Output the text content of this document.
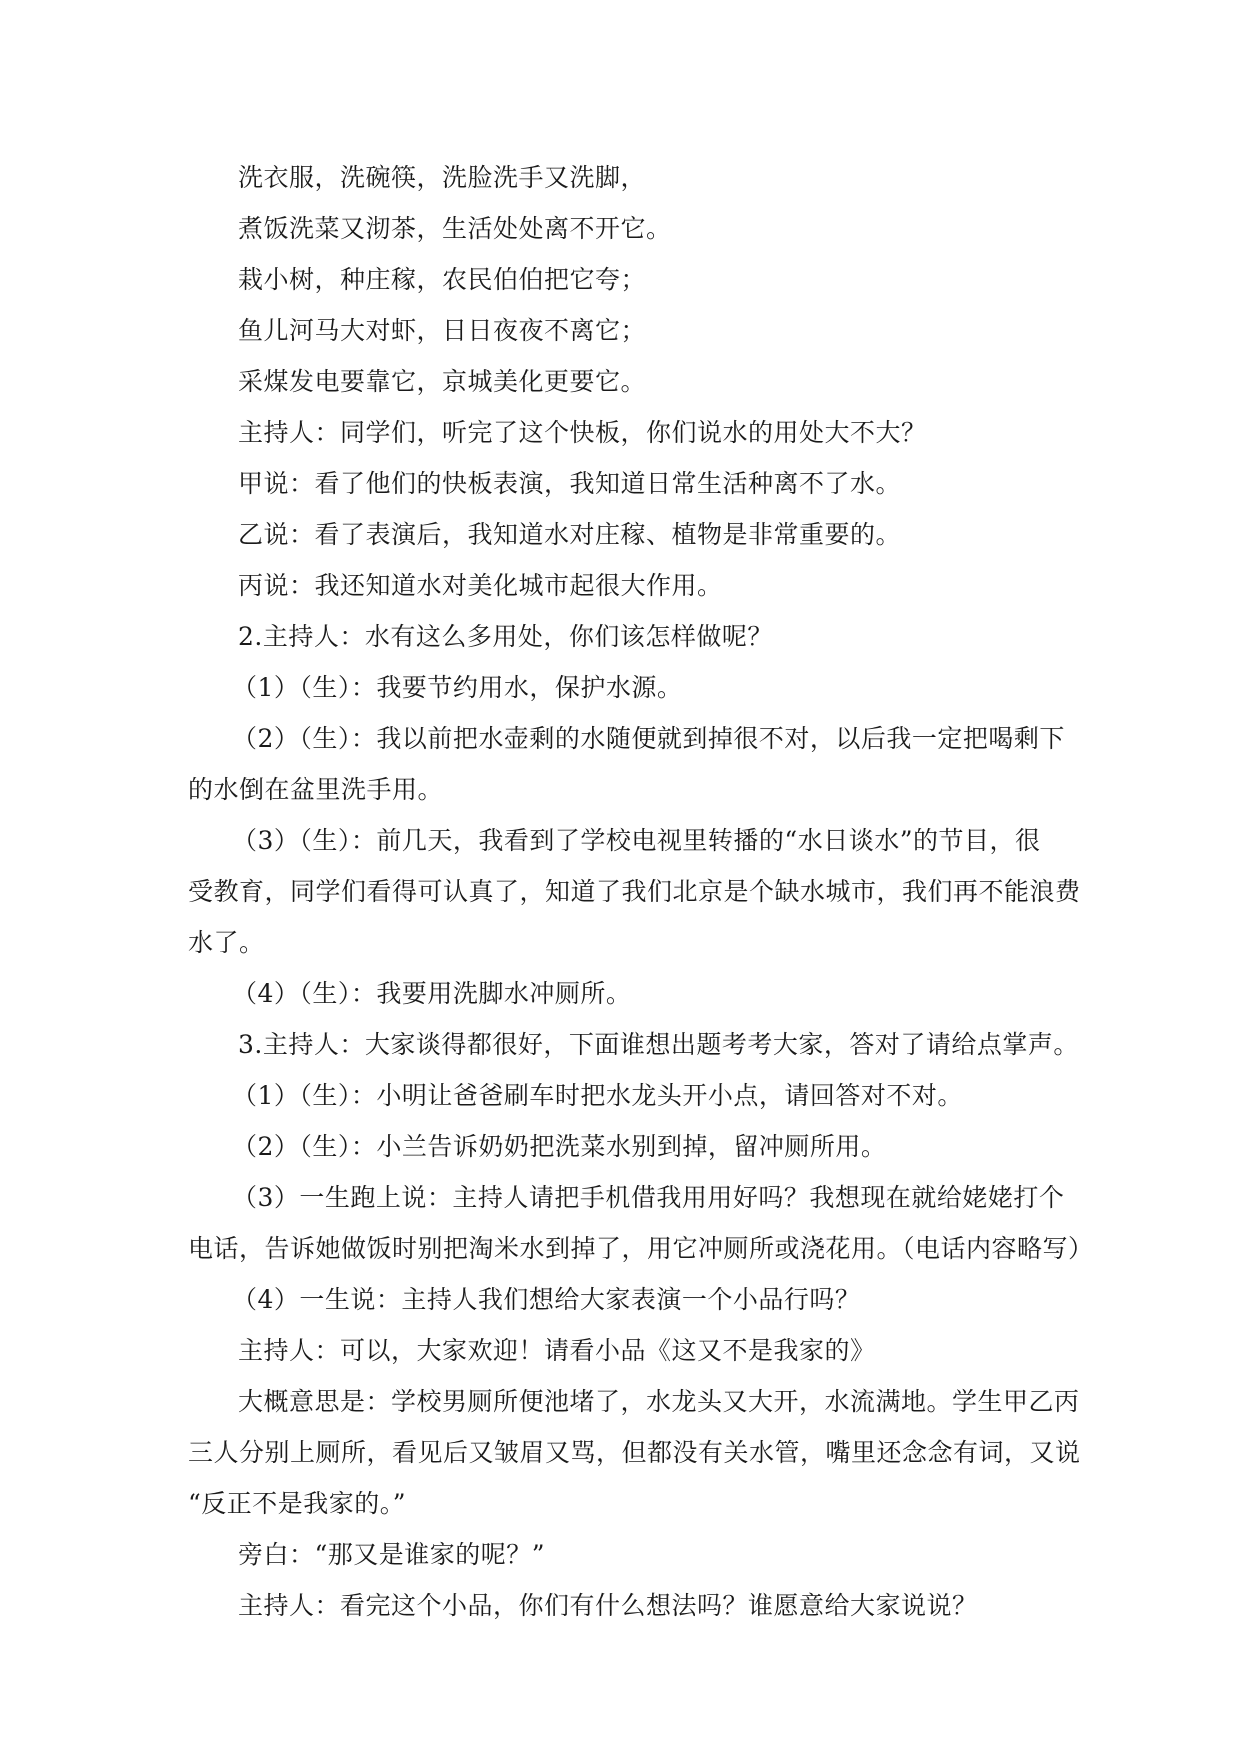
洗衣服，洗碗筷，洗脸洗手又洗脚，
煮饭洗菜又沏茶，生活处处离不开它。
栽小树，种庄稼，农民伯伯把它夸；
鱼儿河马大对虾，日日夜夜不离它；
采煤发电要靠它，京城美化更要它。
主持人：同学们，听完了这个快板，你们说水的用处大不大？
甲说：看了他们的快板表演，我知道日常生活种离不了水。
乙说：看了表演后，我知道水对庄稼、植物是非常重要的。
丙说：我还知道水对美化城市起很大作用。
2.主持人：水有这么多用处，你们该怎样做呢？
（1）（生）：我要节约用水，保护水源。
（2）（生）：我以前把水壶剩的水随便就到掉很不对，以后我一定把喝剩下
的水倒在盆里洗手用。
（3）（生）：前几天，我看到了学校电视里转播的“水日谈水”的节目，很
受教育，同学们看得可认真了，知道了我们北京是个缺水城市，我们再不能浪费
水了。
（4）（生）：我要用洗脚水冲厕所。
3.主持人：大家谈得都很好，下面谁想出题考考大家，答对了请给点掌声。
（1）（生）：小明让爸爸刷车时把水龙头开小点，请回答对不对。
（2）（生）：小兰告诉奶奶把洗菜水别到掉，留冲厕所用。
（3）一生跑上说：主持人请把手机借我用用好吗？我想现在就给姥姥打个
电话，告诉她做饭时别把淘米水到掉了，用它冲厕所或浇花用。（电话内容略写）
（4）一生说：主持人我们想给大家表演一个小品行吗？
主持人：可以，大家欢迎！请看小品《这又不是我家的》
大概意思是：学校男厕所便池堵了，水龙头又大开，水流满地。学生甲乙丙
三人分别上厕所，看见后又皱眉又骂，但都没有关水管，嘴里还念念有词，又说
“反正不是我家的。”
旁白：“那又是谁家的呢？”
主持人：看完这个小品，你们有什么想法吗？谁愿意给大家说说？
